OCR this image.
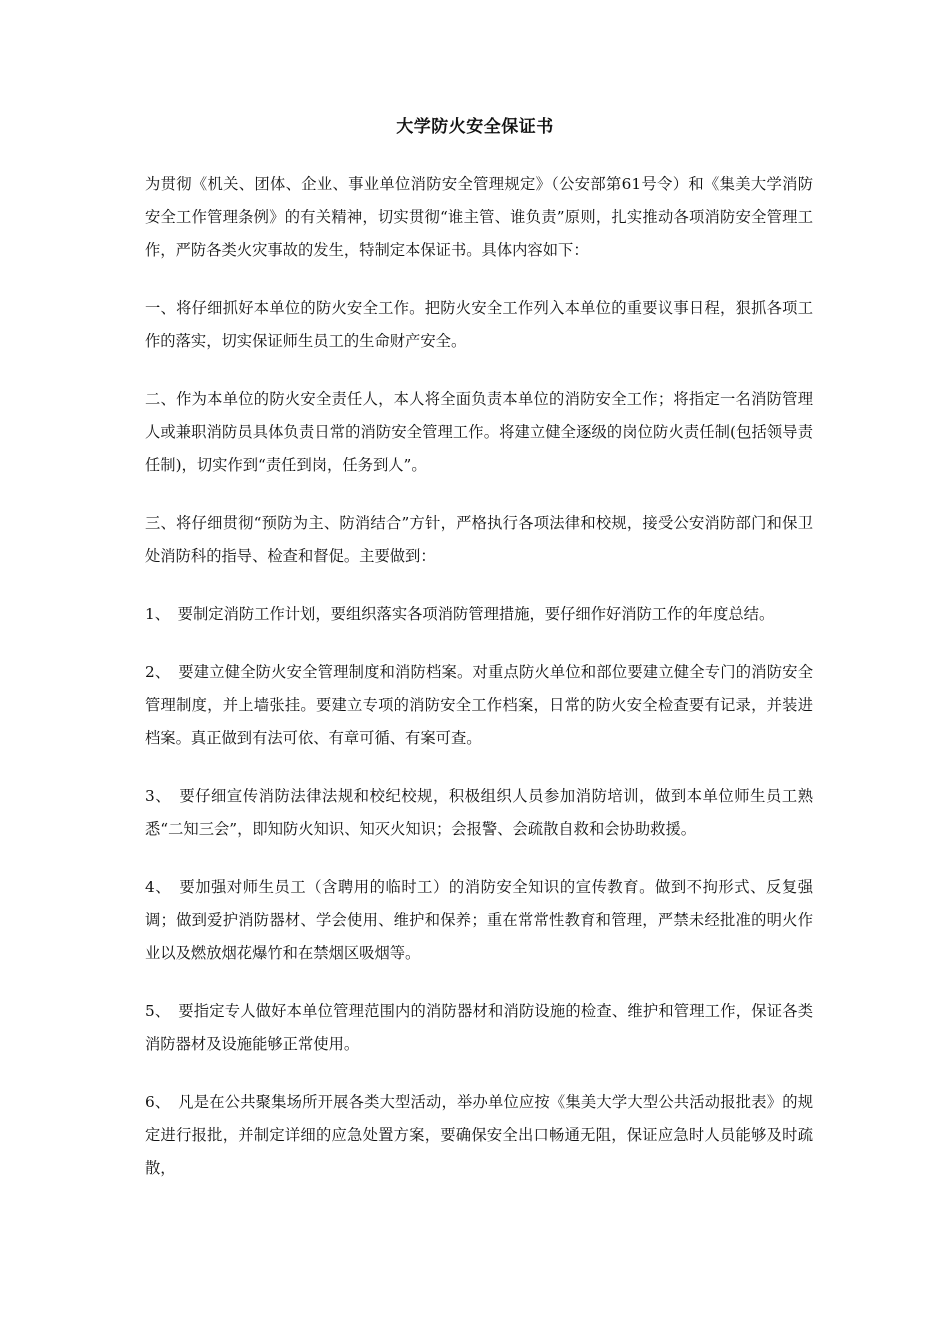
大学防火安全保证书

为贯彻《机关、团体、企业、事业单位消防安全管理规定》（公安部第61号令）和《集美大学消防安全工作管理条例》的有关精神，切实贯彻“谁主管、谁负责”原则，扎实推动各项消防安全管理工作，严防各类火灾事故的发生，特制定本保证书。具体内容如下：

一、将仔细抓好本单位的防火安全工作。把防火安全工作列入本单位的重要议事日程，狠抓各项工作的落实，切实保证师生员工的生命财产安全。

二、作为本单位的防火安全责任人，本人将全面负责本单位的消防安全工作；将指定一名消防管理人或兼职消防员具体负责日常的消防安全管理工作。将建立健全逐级的岗位防火责任制(包括领导责任制)，切实作到“责任到岗，任务到人”。

三、将仔细贯彻“预防为主、防消结合”方针，严格执行各项法律和校规，接受公安消防部门和保卫处消防科的指导、检查和督促。主要做到：

1、　要制定消防工作计划，要组织落实各项消防管理措施，要仔细作好消防工作的年度总结。

2、　要建立健全防火安全管理制度和消防档案。对重点防火单位和部位要建立健全专门的消防安全管理制度，并上墙张挂。要建立专项的消防安全工作档案，日常的防火安全检查要有记录，并装进档案。真正做到有法可依、有章可循、有案可查。

3、　要仔细宣传消防法律法规和校纪校规，积极组织人员参加消防培训，做到本单位师生员工熟悉“二知三会”，即知防火知识、知灭火知识；会报警、会疏散自救和会协助救援。

4、　要加强对师生员工（含聘用的临时工）的消防安全知识的宣传教育。做到不拘形式、反复强调；做到爱护消防器材、学会使用、维护和保养；重在常常性教育和管理，严禁未经批准的明火作业以及燃放烟花爆竹和在禁烟区吸烟等。

5、　要指定专人做好本单位管理范围内的消防器材和消防设施的检查、维护和管理工作，保证各类消防器材及设施能够正常使用。

6、　凡是在公共聚集场所开展各类大型活动，举办单位应按《集美大学大型公共活动报批表》的规定进行报批，并制定详细的应急处置方案，要确保安全出口畅通无阻，保证应急时人员能够及时疏散，
